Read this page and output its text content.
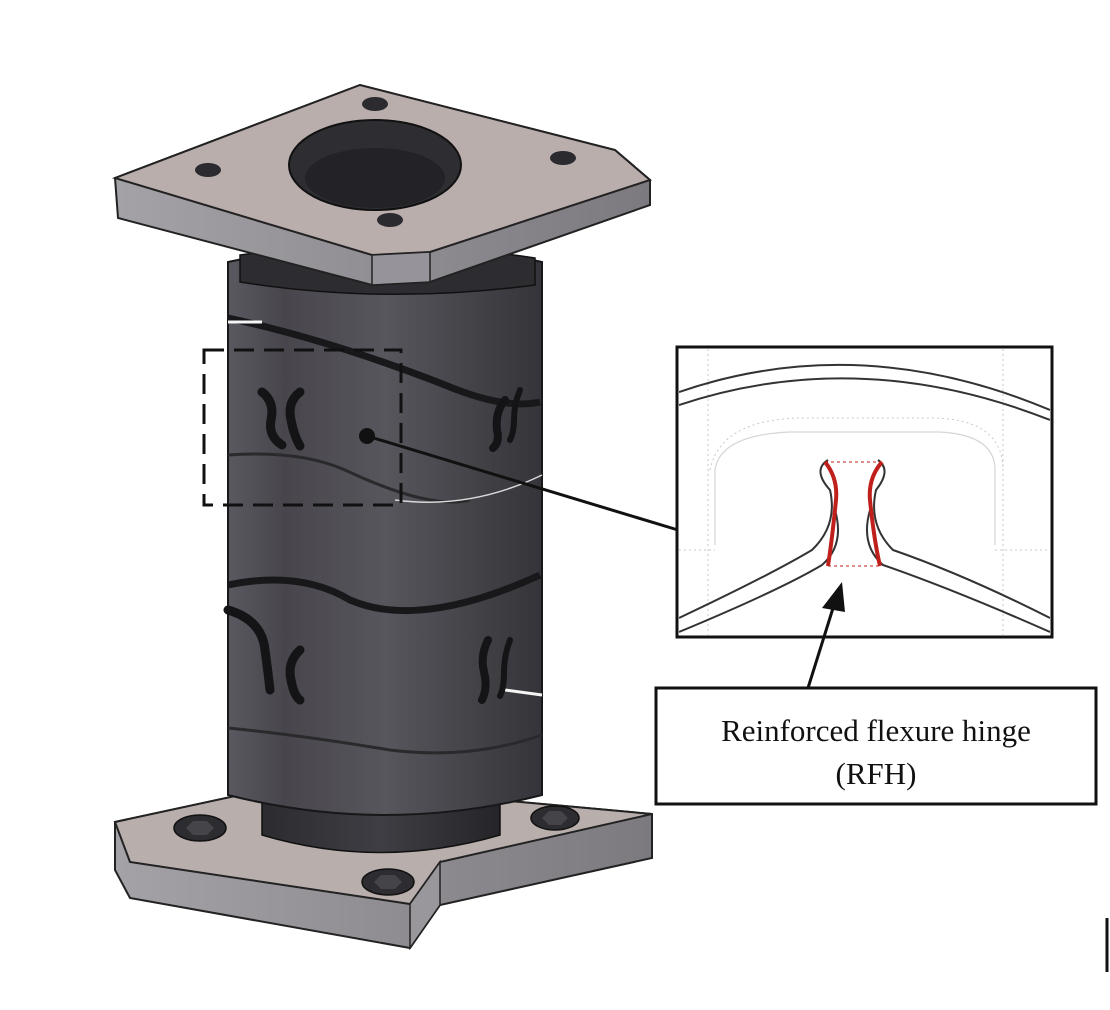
Reinforced flexure hinge
(RFH)
